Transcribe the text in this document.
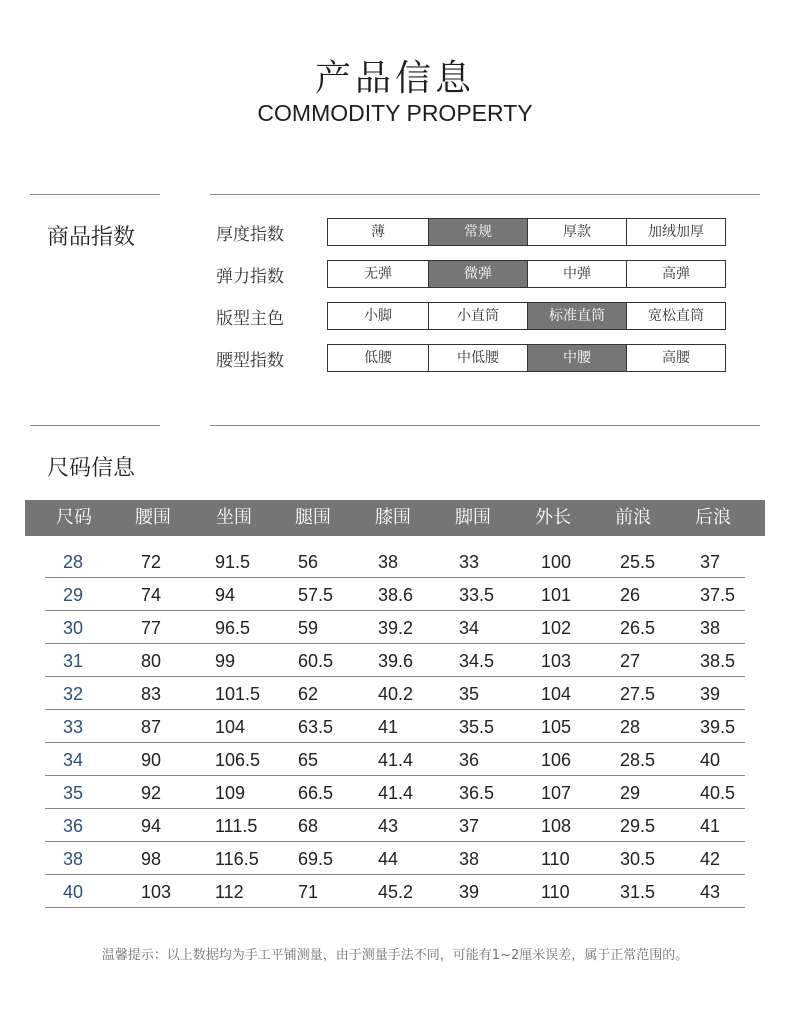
产品信息
COMMODITY PROPERTY
商品指数	厚度指数	薄	常规	厚款	加绒加厚
弹力指数	无弹	微弹	中弹	高弹
版型主色	小脚	小直筒	标准直筒	宽松直筒
腰型指数	低腰	中低腰	中腰	高腰
尺码信息
尺码 腰围	坐围 腿围 膝围 脚围 外长 前浪 后浪
28	72	91.5	56	38	33	100	25.5 37
29	74	94	57.5 38.6	33.5	101	26	37.5
30	77	96.5	59	39.2	34	102	26.5 38
31	80	99	60.5 39.6	34.5	103	27	38.5
32	83	101.5 62	40.2	35	104	27.5 39
33	87	104	63.5 41	35.5	105	28	39.5
34	90	106.5 65	41.4	36	106	28.5 40
35	92	109	66.5 41.4	36.5	107	29	40.5
36	94	111.5 68	43	37	108	29.5 41
38	98	116.5 69.5 44	38	110	30.5 42
40	103 112	71	45.2	39	110	31.5 43
温馨提示：以上数据均为手工平铺测量，由于测量手法不同，可能有1~2厘米误差，属于正常范围的。
